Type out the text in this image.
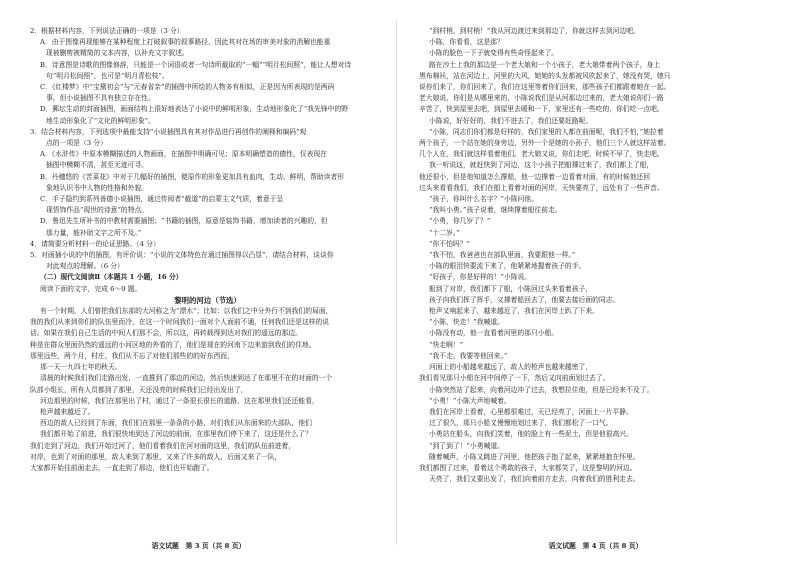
2．根据材料内容，下列说法正确的一项是（3 分）
A．由于图像再现能够在某种程度上打破叙事的叙事路径，因此其对在场的审美对象的消解也能重
现被删剪被精简的文本内容，以补充文字叙述。
B．诗意图是诗歌的图像修辞，只能是一个词语或者一句诗所截取的“一幅”“明月松间照”，能让人想对诗
句“明月松间照”，也可是“明月青松枝”。
C．《红楼梦》中“宝黛初会”与“元春省亲”的插图中所绘的人物多有相似，正是因为所表现的是两码
事，但小说插图不具有独立存在性。
D．郵坛生动的封面插图，画面结构上很好地表达了小说中的鲜明形象，生动地形象化了“我先锋中的野
地生动形象化了“文化的鲜明形象”。
3．结合材料内容，下列选项中最能支持“小说插图具有其对作品进行再创作的阐释和编码”观
点的一项是（3 分）
A．《水浒传》中原本模糊描述的人物画面，在插图中明确可见；原本明确塑造的德性，仅表现在
插图中模糊不清，甚至无迹可寻。
B．丹穗悠的《苦菜花》中对于几幅好的插图，便原作的形象更加具有血肉，生动、鲜明，帮助读者形
象地认识书中人物的性格和外貌。
C．手子隐约到系列善德小说插图，通过传阅者“截道”的启蒙主文气质，着意于呈
现悟饰作品“现世的诗意”的特点。
D．鲁迅先生所补书的中教材需要插图；“书籍的插图，原意是装饰书籍，增加读者的兴趣的，但
那力量，能补助文字之所不及。”
4．请简要分析材料一的论证思路。（4 分）
5．对画插小说的中的插图，有评价说：“小说的文体特色在通过插图得以凸显”，请结合材料，谈谈你
对此观点的理解。（6 分）
（二）现代文阅读Ⅱ（本题共 1 小题，16 分）
阅读下面的文字，完成 6～9 题。
黎明的河边（节选）
有一个时期，人们曾把我们东部的大河称之为“漂水”；比如：以我们之中分外行不到我们的局面，
我的我们从来到你们的队伍里而冷，在这一个时间我们一面对个人面前不通，任何我们还是这样的说
话。如果在我们自己生活的中间人们那不会，所以这，再转载得到达对我们的遥远的那边。
种是在群众里面仍然的遥远的小河区地的外看的了，他们是现在的河南下边来游到我们的住地。
那里远些，两个月，村庄，我们从不忘了对他们那些的的好东西而，
那一天一九四七年的秋天。
清晨的时候我们我们走路出发，一直推到了那边的河边，然后快速到达了在那里不在的对面的一个
队部小组长，所有人员都到了那里，天还没亮的时候我们已经出发出了，
河边那里的时候，我们在那里出了村，通过了一条很长很长的道路，这在那里我们还还能看，
枪声越来越近了。
西边的敌人已经到了东面，我们们在那里一条条的小路，对们我们从东面来的大部队，他们
我们都开始了前进，我们很快地到达了河边的前面，在那里我们停下来了，这还是什么了？
我们走到了河边，我们开始过河了，他们看着我们在河对面的这里，我们的队伍前进着，
对岸，也到了对面的那里，敌人来到了那里，又来了许多的敌人，后面又来了一队，
大家都开始往前面走去，一直走到了那边，他们也开始跑了。
语文试题　第 3 页（共 8 页）
“到村梢，到村梢！”我从河边渡过来到那边了，你就这样去到河边吧。
小陈，你看看，这是那？
小陈的脸色一下子就变得有些奇怪起来了。
路在沙土上我的那边是一个老大娘和一个小孩子，老大娘带着两个孩子，身上
黑布棉袄，站在河边上，河里的大风，她她的头发都被风吹起来了，她没有哭，她只
说你们来了，你们回来了，我们在这里等着你们回来，那些孩子们都跟着她在一起。
老大娘说，你们是从哪里来的，小陈说我们是从河那边过来的，老大娘说你们一路
辛苦了，快到屋里去吧，到屋里去暖和一下，家里还有一些吃的，你们吃一点吧。
小陈说，好好好的，我们不进去了，我们还要赶路呢。
“小陈，同志们你们都是好样的，我们家里的人都在前面呢，我们不怕，”她拉着
两个孩子，一个站在她的身旁边，另外一个是她的小孙子，他们三个人就这样站着。
几个人在，我们就这样看着他们。老大娘又说，你们走吧，时候不早了，快走吧。
我一听说这，就赶快到了河边，这个小孩子把船撑过来了，我们都上了船，
他还很小，但是他知道怎么撑船，他一边撑着一边看着对面，有的时候他还回
过头来看看我们，我们在船上看着对面的河岸，天快要亮了，远处有了一些声音。
“孩子，你叫什么名字？”小陈问他。
“我叫小勇。”孩子说着，继续撑着船往前走。
“小勇，你几岁了？”
“十二岁。”
“你不怕吗？”
“我不怕，我爸爸也在部队里面，我要跟他一样。”
小陈的眼泪快要流下来了，他紧紧地握着孩子的手。
“好孩子，你是好样的！”小陈说。
船到了对岸，我们都下了船，小陈回过头来看着孩子，
孩子向我们挥了挥手，又撑着船回去了，他要去接后面的同志。
枪声又响起来了，越来越近了，我们在河岸上趴了下来。
“小陈，快走！”我喊道。
小陈没有动，他一直看着河里的那只小船。
“快走啊！”
“我不走，我要等他回来。”
河面上的小船越来越远了，敌人的枪声也越来越密了，
我们看见那只小船在河中间停了一下，然后又向前面划过去了。
小陈突然站了起来，向着河边冲了过去，我想拉住他，但是已经来不及了。
“小勇！”小陈大声地喊着。
我们在河岸上看着，心里都很难过，天已经亮了，河面上一片平静。
过了很久，那只小船又慢慢地划过来了，我们都松了一口气。
小勇站在船头，向我们笑着，他的脸上有一些泥土，但是他很高兴。
“到了到了！”小勇喊道。
随着喊声，小陈又跳进了河里，他把孩子抱了起来，紧紧地抱在怀里。
我们都围了过来，看着这个勇敢的孩子，大家都笑了，这是黎明的河边。
天亮了，我们又要出发了，我们向着前方走去，向着我们的胜利走去。
语文试题　第 4 页（共 8 页）
